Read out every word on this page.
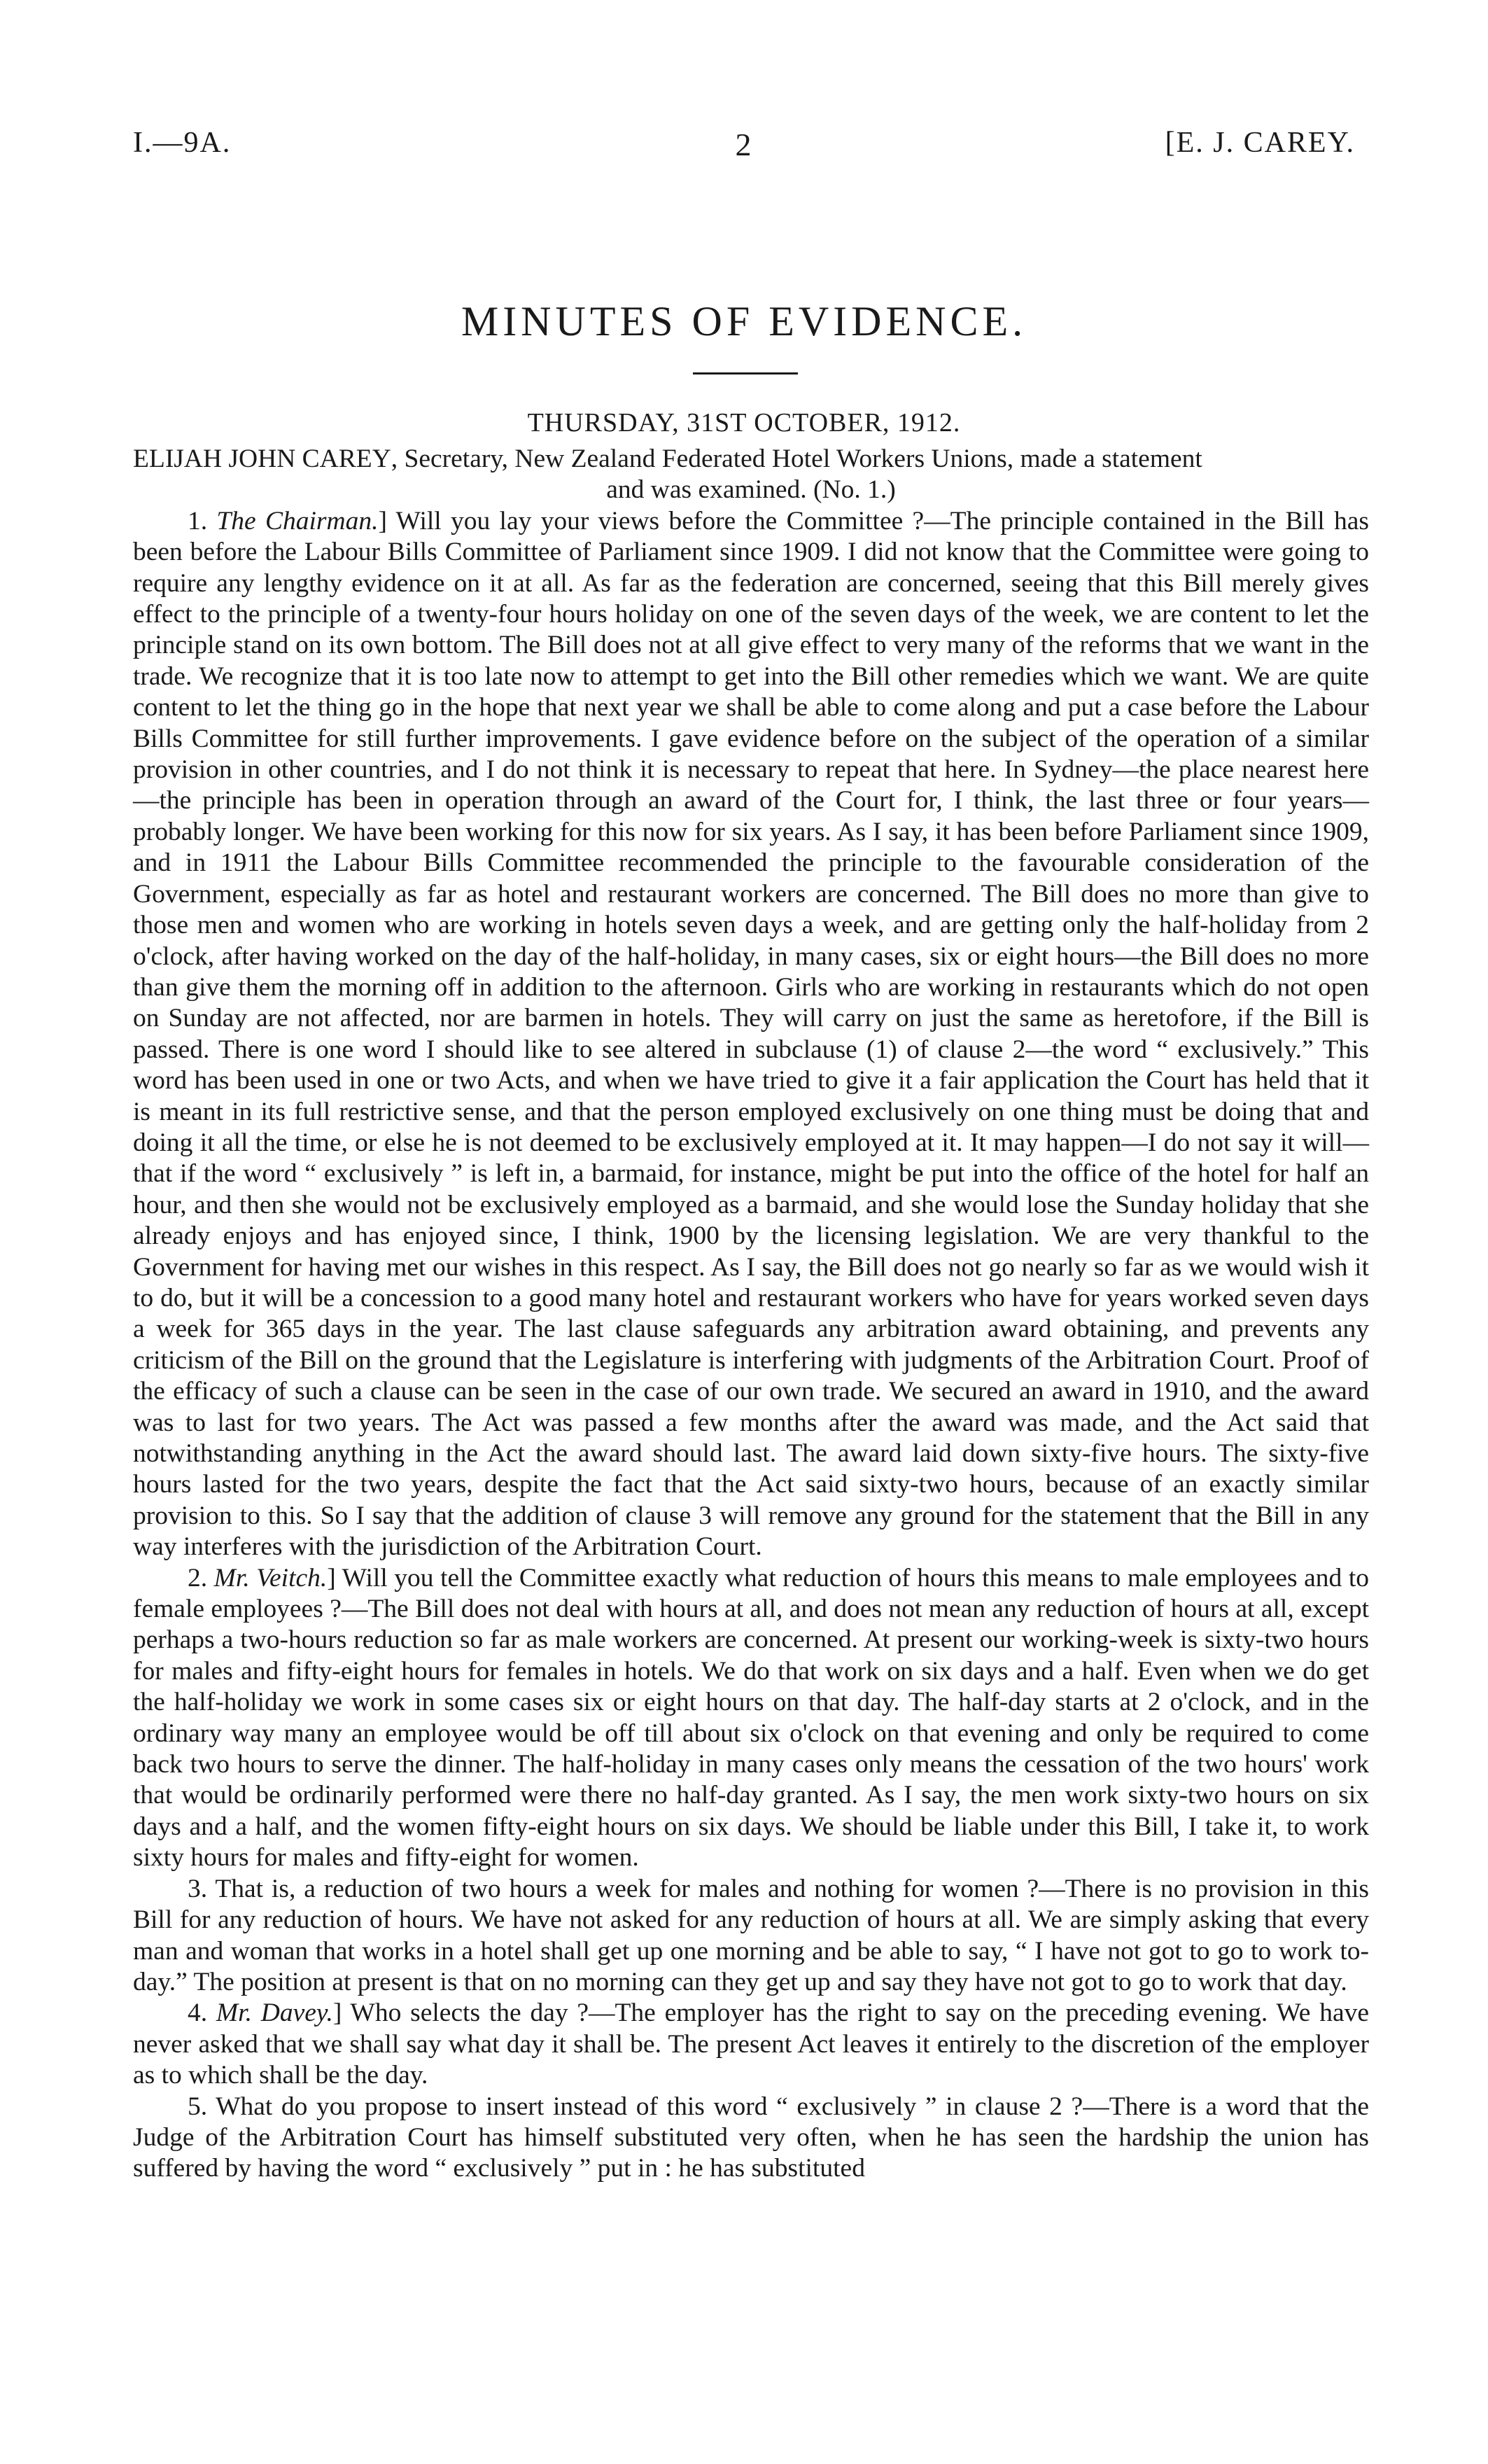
I.—9A.	2	[E. J. CAREY.
MINUTES OF EVIDENCE.
THURSDAY, 31ST OCTOBER, 1912.

ELIJAH JOHN CAREY, Secretary, New Zealand Federated Hotel Workers Unions, made a statement
and was examined. (No. 1.)

1. The Chairman.] Will you lay your views before the Committee ?—The principle contained in the Bill has been before the Labour Bills Committee of Parliament since 1909. I did not know that the Committee were going to require any lengthy evidence on it at all. As far as the federation are concerned, seeing that this Bill merely gives effect to the principle of a twenty-four hours holiday on one of the seven days of the week, we are content to let the principle stand on its own bottom. The Bill does not at all give effect to very many of the reforms that we want in the trade. We recognize that it is too late now to attempt to get into the Bill other remedies which we want. We are quite content to let the thing go in the hope that next year we shall be able to come along and put a case before the Labour Bills Committee for still further improvements. I gave evidence before on the subject of the operation of a similar provision in other countries, and I do not think it is necessary to repeat that here. In Sydney—the place nearest here—the principle has been in operation through an award of the Court for, I think, the last three or four years—probably longer. We have been working for this now for six years. As I say, it has been before Parliament since 1909, and in 1911 the Labour Bills Committee recommended the principle to the favourable consideration of the Government, especially as far as hotel and restaurant workers are concerned. The Bill does no more than give to those men and women who are working in hotels seven days a week, and are getting only the half-holiday from 2 o'clock, after having worked on the day of the half-holiday, in many cases, six or eight hours—the Bill does no more than give them the morning off in addition to the afternoon. Girls who are working in restaurants which do not open on Sunday are not affected, nor are barmen in hotels. They will carry on just the same as heretofore, if the Bill is passed. There is one word I should like to see altered in subclause (1) of clause 2—the word “ exclusively.” This word has been used in one or two Acts, and when we have tried to give it a fair application the Court has held that it is meant in its full restrictive sense, and that the person employed exclusively on one thing must be doing that and doing it all the time, or else he is not deemed to be exclusively employed at it. It may happen—I do not say it will—that if the word “ exclusively ” is left in, a barmaid, for instance, might be put into the office of the hotel for half an hour, and then she would not be exclusively employed as a barmaid, and she would lose the Sunday holiday that she already enjoys and has enjoyed since, I think, 1900 by the licensing legislation. We are very thankful to the Government for having met our wishes in this respect. As I say, the Bill does not go nearly so far as we would wish it to do, but it will be a concession to a good many hotel and restaurant workers who have for years worked seven days a week for 365 days in the year. The last clause safeguards any arbitration award obtaining, and prevents any criticism of the Bill on the ground that the Legislature is interfering with judgments of the Arbitration Court. Proof of the efficacy of such a clause can be seen in the case of our own trade. We secured an award in 1910, and the award was to last for two years. The Act was passed a few months after the award was made, and the Act said that notwithstanding anything in the Act the award should last. The award laid down sixty-five hours. The sixty-five hours lasted for the two years, despite the fact that the Act said sixty-two hours, because of an exactly similar provision to this. So I say that the addition of clause 3 will remove any ground for the statement that the Bill in any way interferes with the jurisdiction of the Arbitration Court.

2. Mr. Veitch.] Will you tell the Committee exactly what reduction of hours this means to male employees and to female employees ?—The Bill does not deal with hours at all, and does not mean any reduction of hours at all, except perhaps a two-hours reduction so far as male workers are concerned. At present our working-week is sixty-two hours for males and fifty-eight hours for females in hotels. We do that work on six days and a half. Even when we do get the half-holiday we work in some cases six or eight hours on that day. The half-day starts at 2 o'clock, and in the ordinary way many an employee would be off till about six o'clock on that evening and only be required to come back two hours to serve the dinner. The half-holiday in many cases only means the cessation of the two hours' work that would be ordinarily performed were there no half-day granted. As I say, the men work sixty-two hours on six days and a half, and the women fifty-eight hours on six days. We should be liable under this Bill, I take it, to work sixty hours for males and fifty-eight for women.

3. That is, a reduction of two hours a week for males and nothing for women ?—There is no provision in this Bill for any reduction of hours. We have not asked for any reduction of hours at all. We are simply asking that every man and woman that works in a hotel shall get up one morning and be able to say, “ I have not got to go to work to-day.” The position at present is that on no morning can they get up and say they have not got to go to work that day.

4. Mr. Davey.] Who selects the day ?—The employer has the right to say on the preceding evening. We have never asked that we shall say what day it shall be. The present Act leaves it entirely to the discretion of the employer as to which shall be the day.

5. What do you propose to insert instead of this word “ exclusively ” in clause 2 ?—There is a word that the Judge of the Arbitration Court has himself substituted very often, when he has seen the hardship the union has suffered by having the word “ exclusively ” put in : he has substituted
